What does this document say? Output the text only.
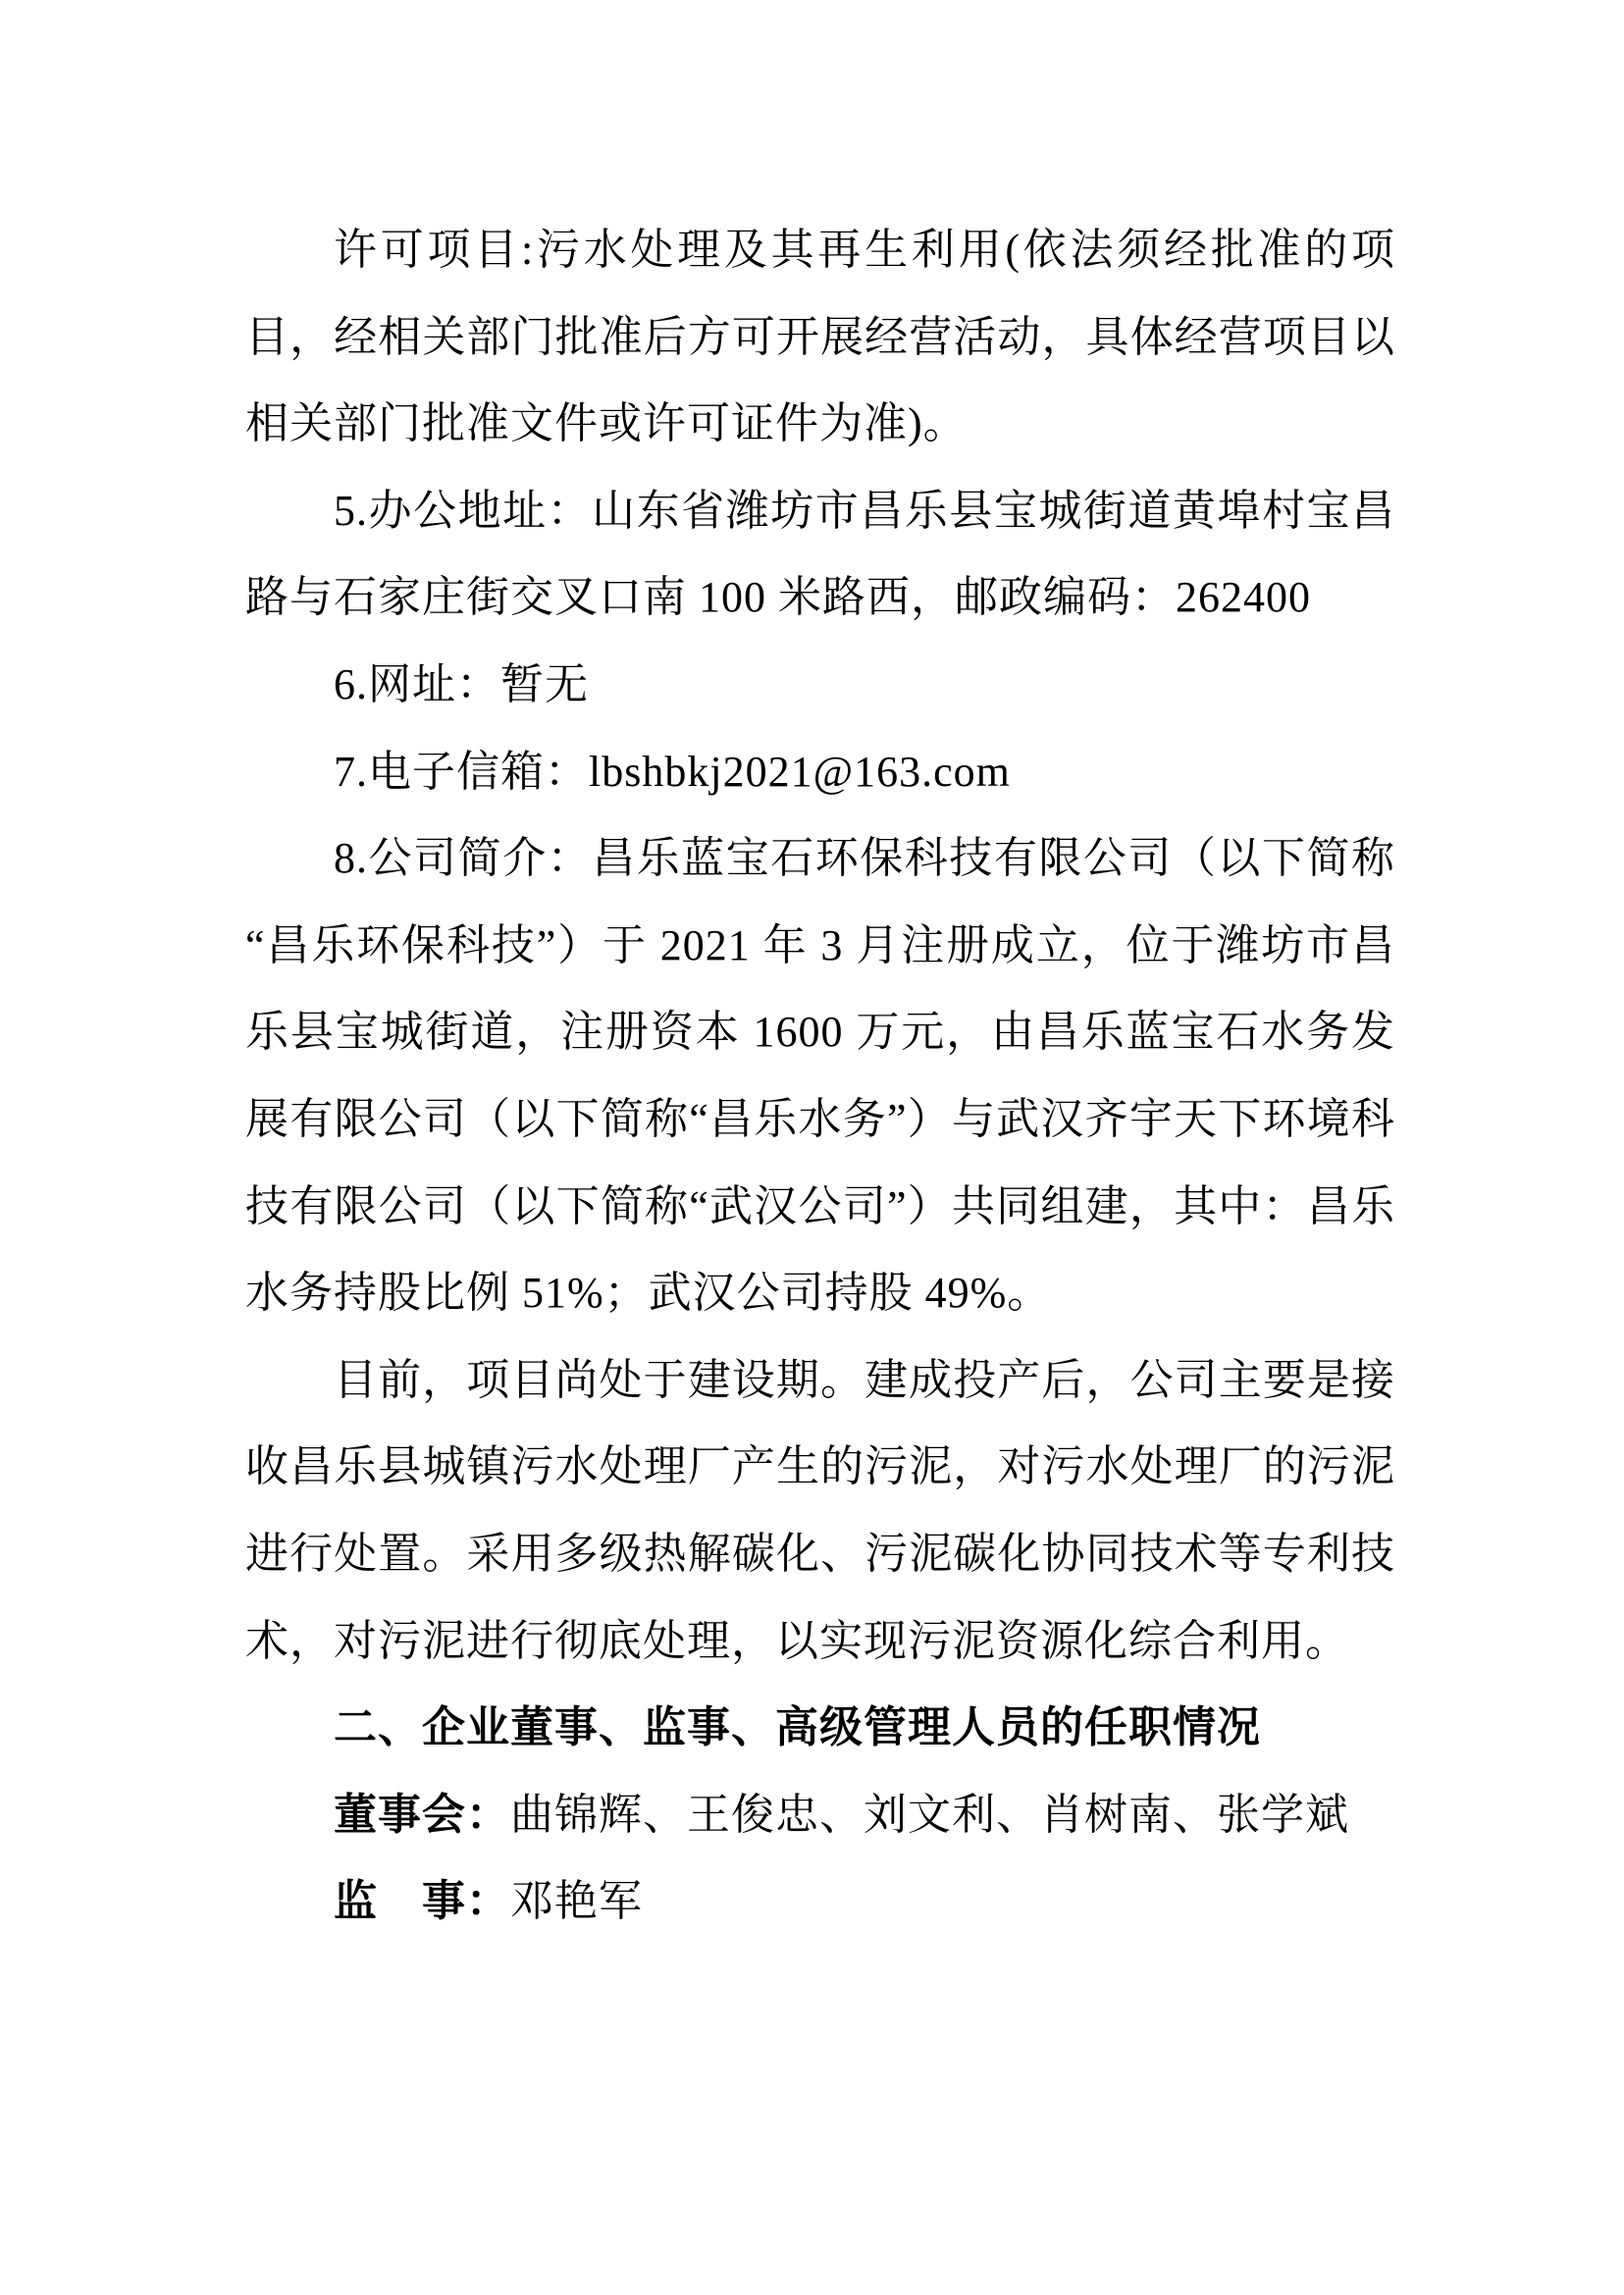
许可项目:污水处理及其再生利用(依法须经批准的项
目，经相关部门批准后方可开展经营活动，具体经营项目以
相关部门批准文件或许可证件为准)。
5.办公地址：山东省潍坊市昌乐县宝城街道黄埠村宝昌
路与石家庄街交叉口南 100 米路西，邮政编码：262400
6.网址：暂无
7.电子信箱：lbshbkj2021@163.com
8.公司简介：昌乐蓝宝石环保科技有限公司（以下简称
“昌乐环保科技”）于 2021 年 3 月注册成立，位于潍坊市昌
乐县宝城街道，注册资本 1600 万元，由昌乐蓝宝石水务发
展有限公司（以下简称“昌乐水务”）与武汉齐宇天下环境科
技有限公司（以下简称“武汉公司”）共同组建，其中：昌乐
水务持股比例 51%；武汉公司持股 49%。
目前，项目尚处于建设期。建成投产后，公司主要是接
收昌乐县城镇污水处理厂产生的污泥，对污水处理厂的污泥
进行处置。采用多级热解碳化、污泥碳化协同技术等专利技
术，对污泥进行彻底处理，以实现污泥资源化综合利用。
二、企业董事、监事、高级管理人员的任职情况
董事会：曲锦辉、王俊忠、刘文利、肖树南、张学斌
监　事：邓艳军
